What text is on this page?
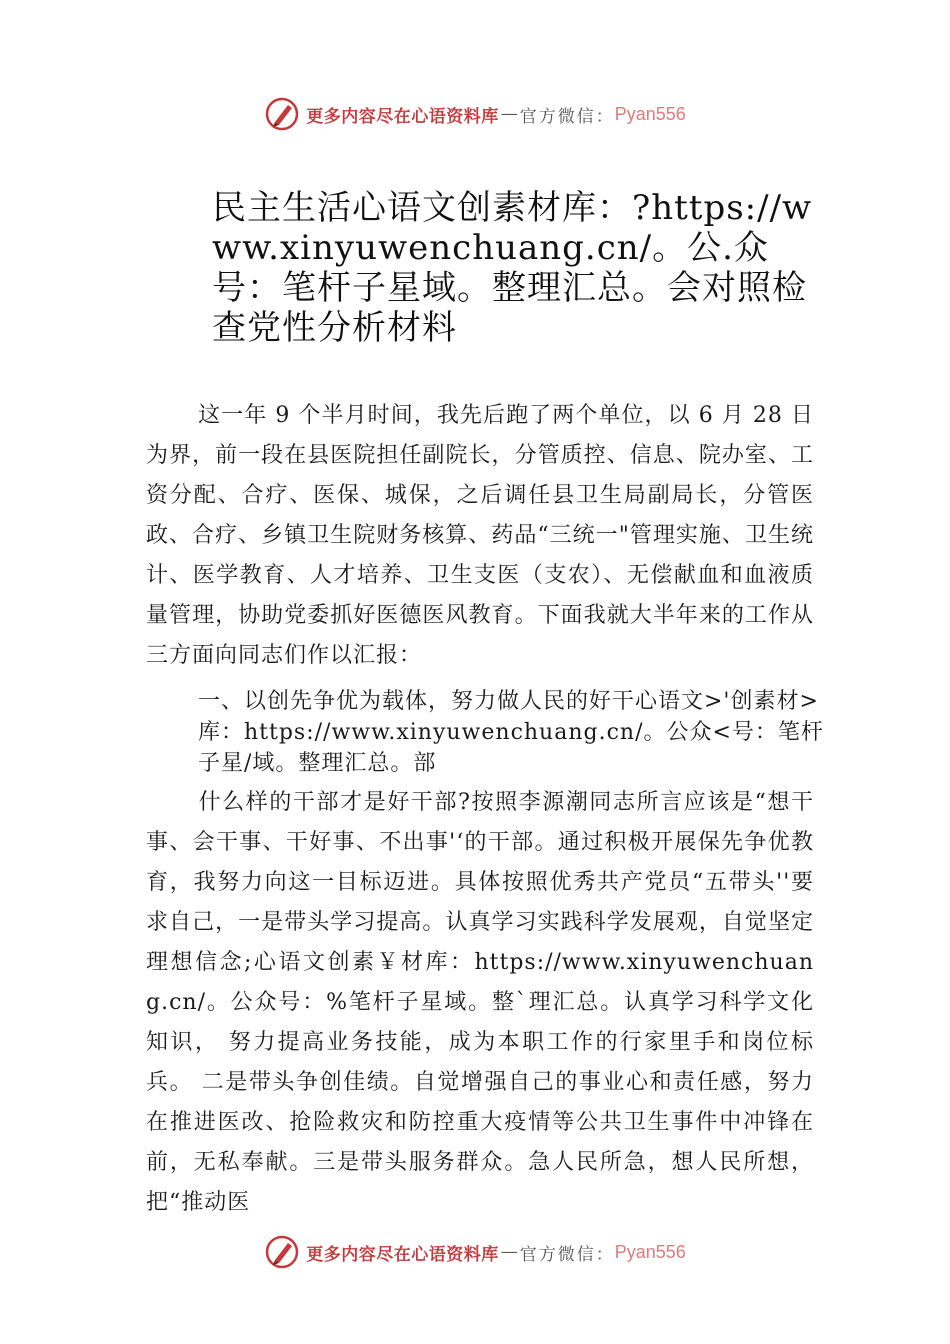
更多内容尽在心语资料库 — 官方微信： Pyan556
民主生活心语文创素材库：?https://www.xinyuwenchuang.cn/。公.众号：笔杆子星域。整理汇总。会对照检查党性分析材料
这一年 9 个半月时间，我先后跑了两个单位，以 6 月 28 日为界，前一段在县医院担任副院长，分管质控、信息、院办室、工资分配、合疗、医保、城保，之后调任县卫生局副局长，分管医政、合疗、乡镇卫生院财务核算、药品“三统一"管理实施、卫生统计、医学教育、人才培养、卫生支医（支农）、无偿献血和血液质量管理，协助党委抓好医德医风教育。下面我就大半年来的工作从三方面向同志们作以汇报：
一、以创先争优为载体，努力做人民的好干心语文>'创素材>库：https://www.xinyuwenchuang.cn/。公众<号：笔杆子星/域。整理汇总。部
什么样的干部才是好干部?按照李源潮同志所言应该是“想干事、会干事、干好事、不出事'‘的干部。通过积极开展保先争优教育，我努力向这一目标迈进。具体按照优秀共产党员“五带头''要求自己，一是带头学习提高。认真学习实践科学发展观，自觉坚定理想信念;心语文创素￥材库：https://www.xinyuwenchuang.cn/。公众号：%笔杆子星域。整`理汇总。认真学习科学文化知识， 努力提高业务技能，成为本职工作的行家里手和岗位标兵。 二是带头争创佳绩。自觉增强自己的事业心和责任感，努力在推进医改、抢险救灾和防控重大疫情等公共卫生事件中冲锋在前，无私奉献。三是带头服务群众。急人民所急，想人民所想，把“推动医
更多内容尽在心语资料库 — 官方微信： Pyan556
